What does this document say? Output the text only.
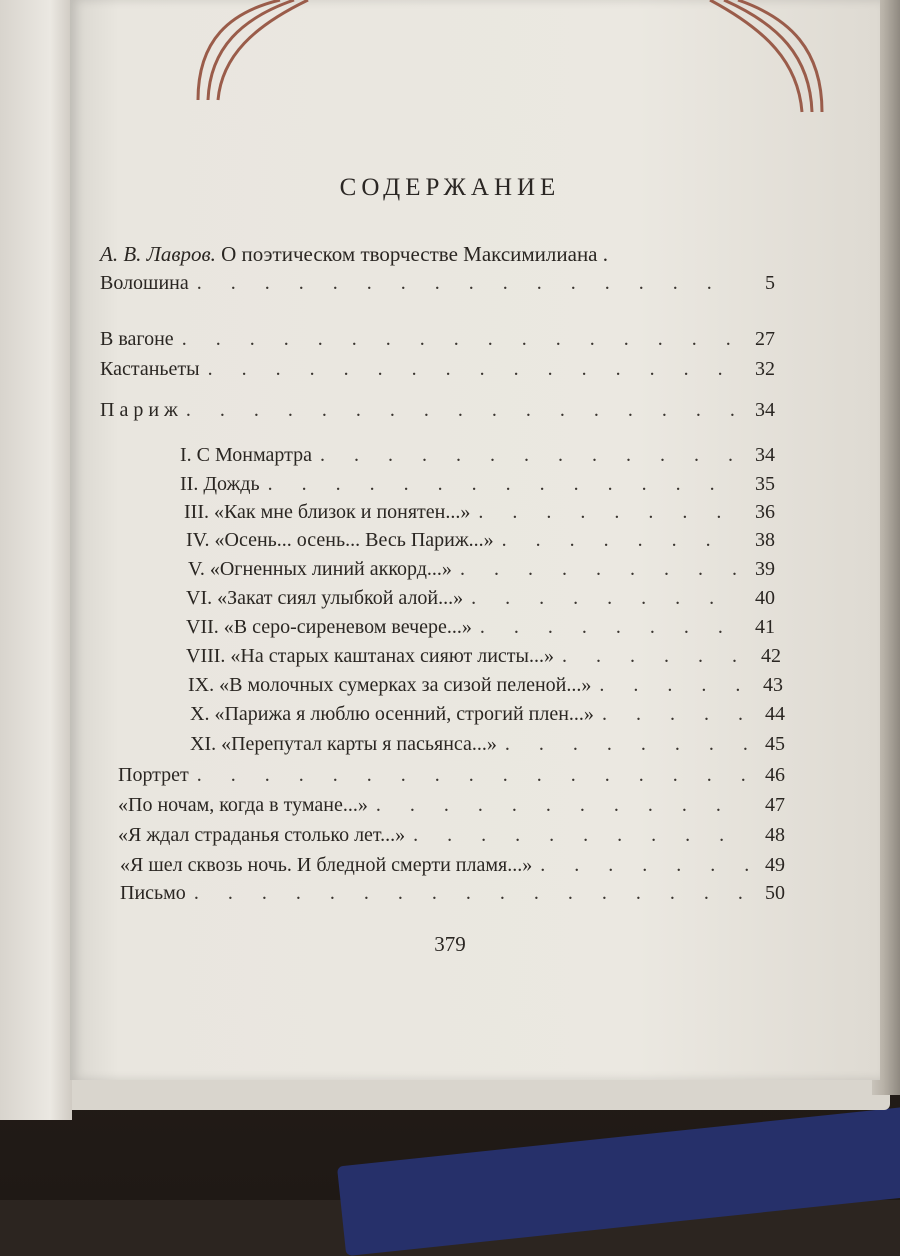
СОДЕРЖАНИЕ
А. В. Лавров. О поэтическом творчестве Максимилиана .
Волошина . . .	5
В вагоне . . .	27
Кастаньеты . . .	32
П а р и ж . . .	34
I. С Монмартра . . .	34
II. Дождь . . .	35
III. «Как мне близок и понятен...» . . .	36
IV. «Осень... осень... Весь Париж...» . . .	38
V. «Огненных линий аккорд...» . . .	39
VI. «Закат сиял улыбкой алой...» . . .	40
VII. «В серо-сиреневом вечере...» . . .	41
VIII. «На старых каштанах сияют листы...» . . .	42
IX. «В молочных сумерках за сизой пеленой...» . . .	43
X. «Парижа я люблю осенний, строгий плен...» . . .	44
XI. «Перепутал карты я пасьянса...» . . .	45
Портрет . . .	46
«По ночам, когда в тумане...» . . .	47
«Я ждал страданья столько лет...» . . .	48
«Я шел сквозь ночь. И бледной смерти пламя...» . . .	49
Письмо . . .	50
379
